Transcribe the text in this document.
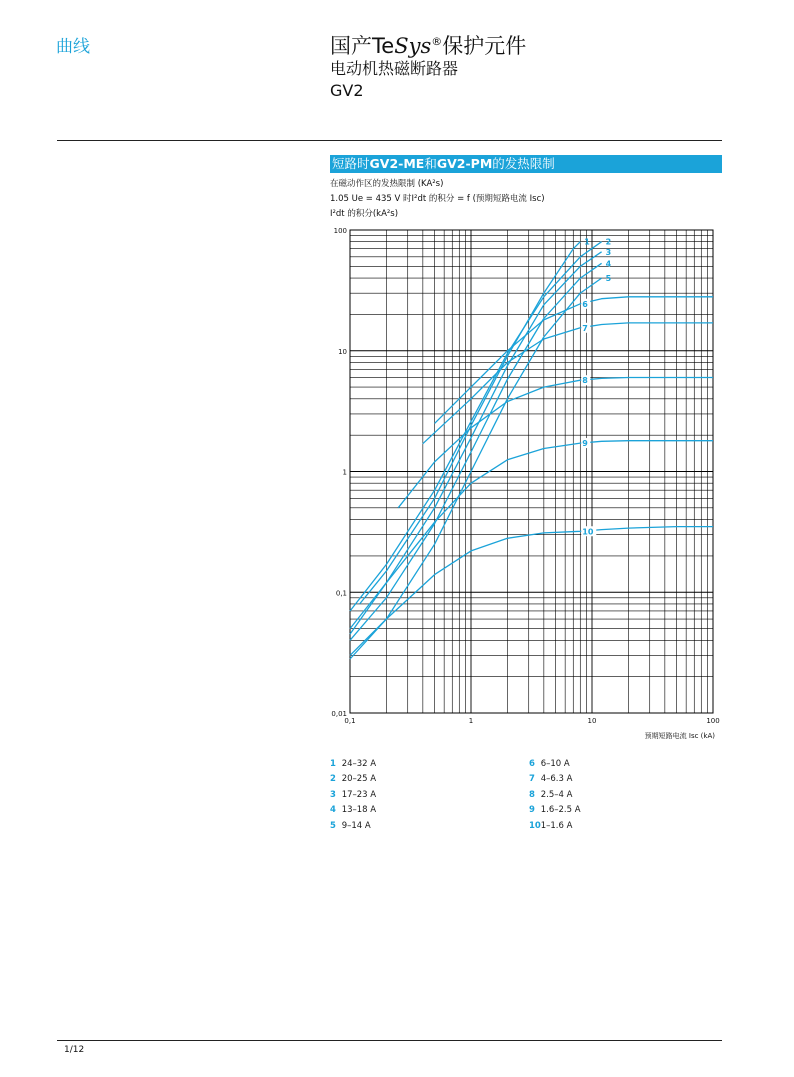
曲线	国产TeSys®保护元件
电动机热磁断路器
GV2
短路时GV2-ME和GV2-PM的发热限制
在磁动作区的发热限制 (KA²s)
1.05 Ue = 435 V 时I²dt 的积分 = f (预期短路电流 Isc)
I²dt 的积分(kA²s)
0,01
0,1
1
10
100
0,1	1	10	100
预期短路电流 Isc (kA)
1 2
3
4
5
6
7
8
9
10
1 24–32 A
2 20–25 A
3 17–23 A
4 13–18 A
5 9–14 A
6 6–10 A
7 4–6.3 A
8 2.5–4 A
9 1.6–2.5 A
10 1–1.6 A
1/12
